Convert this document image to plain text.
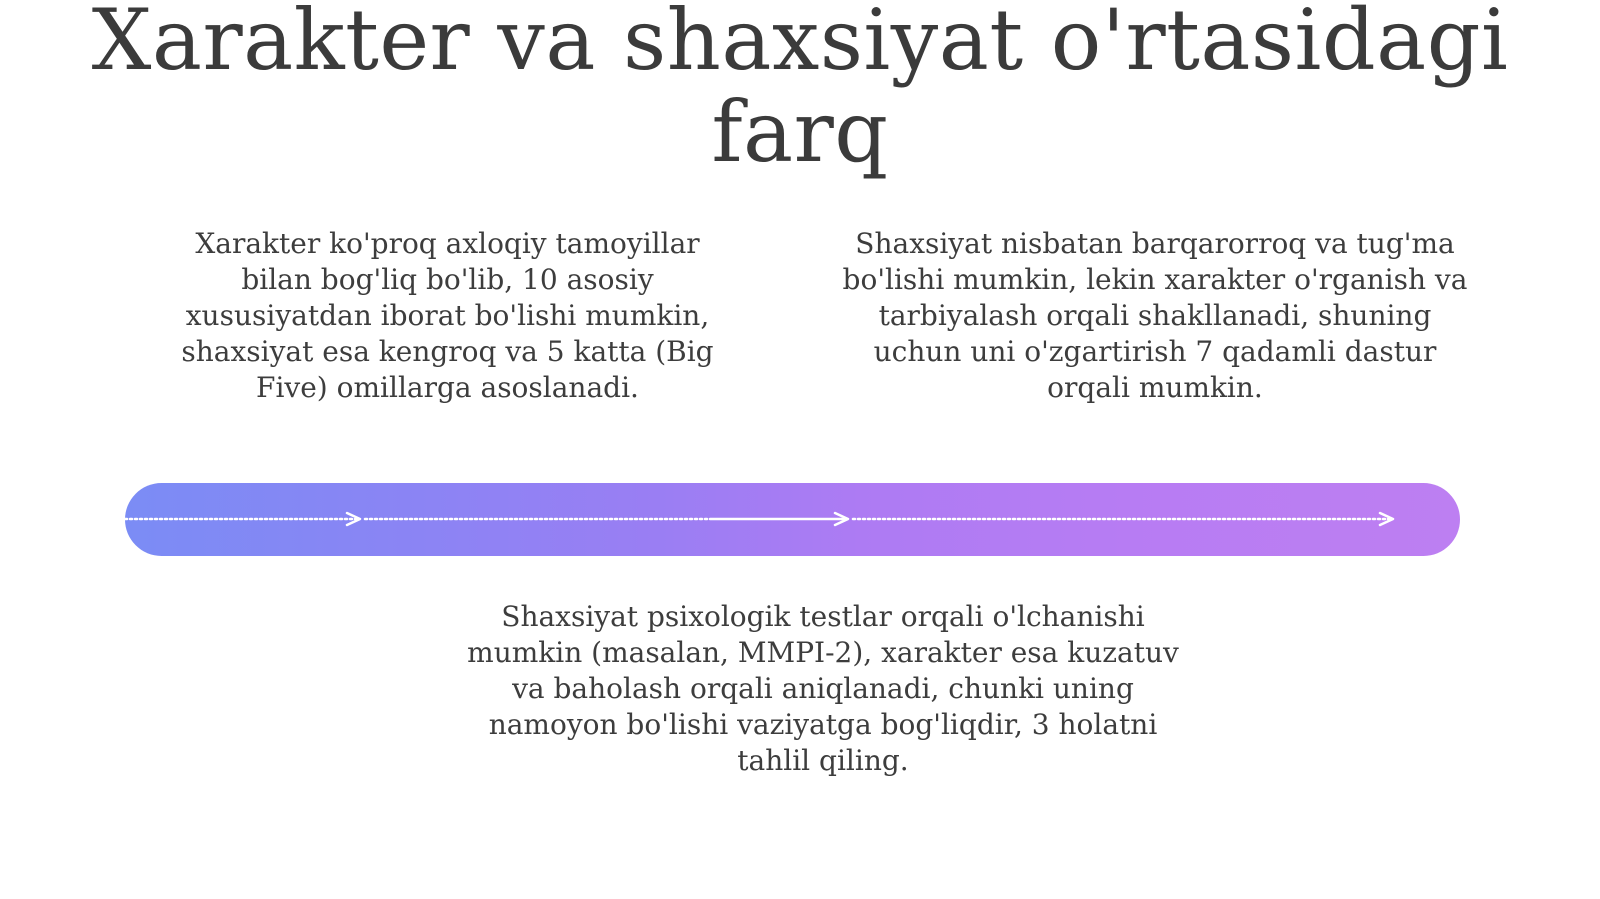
Xarakter va shaxsiyat o'rtasidagi farq

Xarakter ko'proq axloqiy tamoyillar bilan bog'liq bo'lib, 10 asosiy xususiyatdan iborat bo'lishi mumkin, shaxsiyat esa kengroq va 5 katta (Big Five) omillarga asoslanadi.

Shaxsiyat nisbatan barqarorroq va tug'ma bo'lishi mumkin, lekin xarakter o'rganish va tarbiyalash orqali shakllanadi, shuning uchun uni o'zgartirish 7 qadamli dastur orqali mumkin.

Shaxsiyat psixologik testlar orqali o'lchanishi mumkin (masalan, MMPI-2), xarakter esa kuzatuv va baholash orqali aniqlanadi, chunki uning namoyon bo'lishi vaziyatga bog'liqdir, 3 holatni tahlil qiling.
